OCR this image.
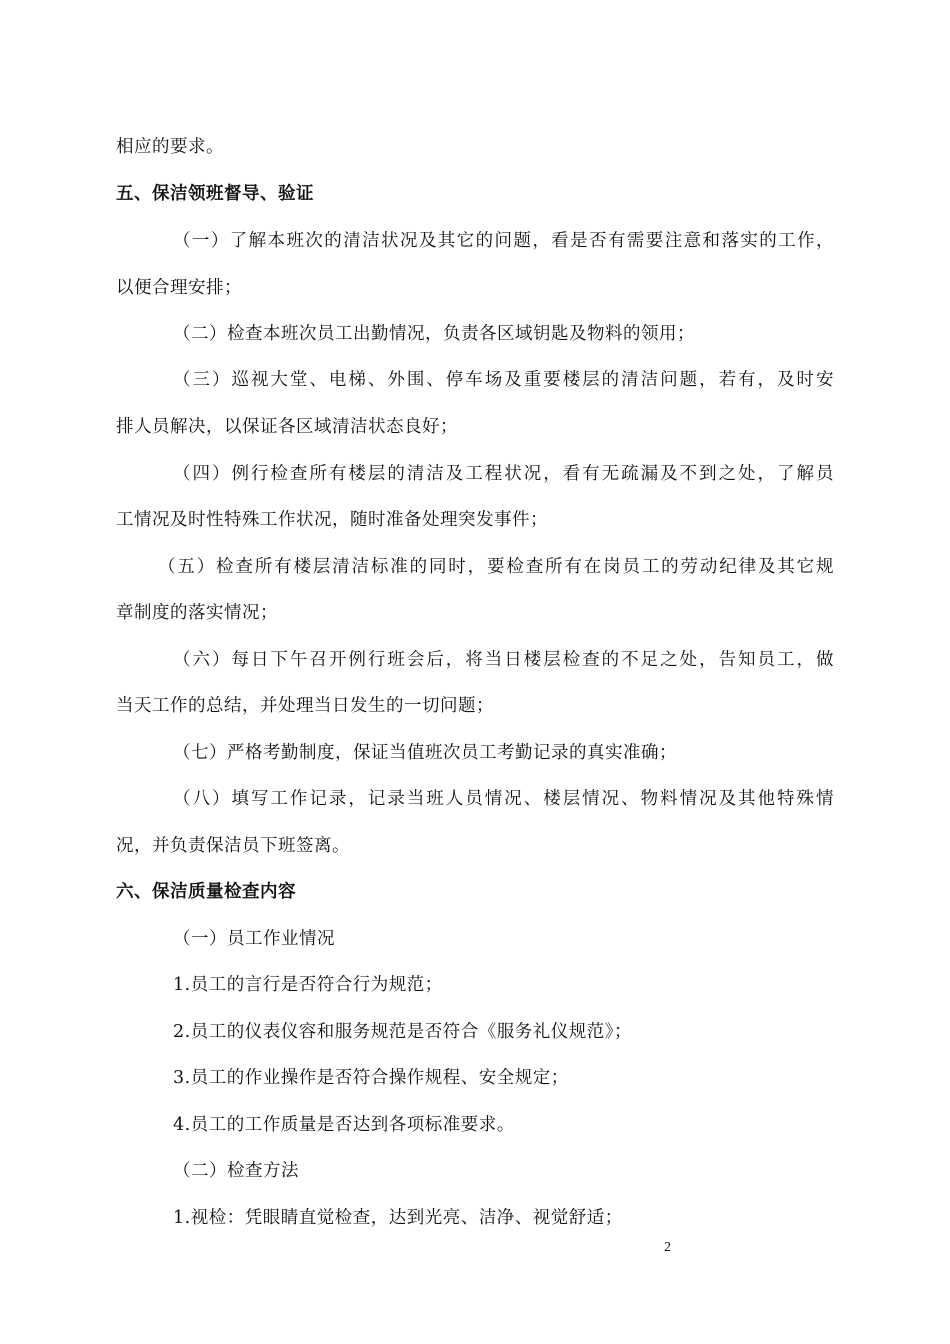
相应的要求。
五、保洁领班督导、验证
（一）了解本班次的清洁状况及其它的问题，看是否有需要注意和落实的工作，
以便合理安排；
（二）检查本班次员工出勤情况，负责各区域钥匙及物料的领用；
（三）巡视大堂、电梯、外围、停车场及重要楼层的清洁问题，若有，及时安
排人员解决，以保证各区域清洁状态良好；
（四）例行检查所有楼层的清洁及工程状况，看有无疏漏及不到之处，了解员
工情况及时性特殊工作状况，随时准备处理突发事件；
（五）检查所有楼层清洁标准的同时，要检查所有在岗员工的劳动纪律及其它规
章制度的落实情况；
（六）每日下午召开例行班会后，将当日楼层检查的不足之处，告知员工，做
当天工作的总结，并处理当日发生的一切问题；
（七）严格考勤制度，保证当值班次员工考勤记录的真实准确；
（八）填写工作记录，记录当班人员情况、楼层情况、物料情况及其他特殊情
况，并负责保洁员下班签离。
六、保洁质量检查内容
（一）员工作业情况
1.员工的言行是否符合行为规范；
2.员工的仪表仪容和服务规范是否符合《服务礼仪规范》；
3.员工的作业操作是否符合操作规程、安全规定；
4.员工的工作质量是否达到各项标准要求。
（二）检查方法
1.视检：凭眼睛直觉检查，达到光亮、洁净、视觉舒适；
2
